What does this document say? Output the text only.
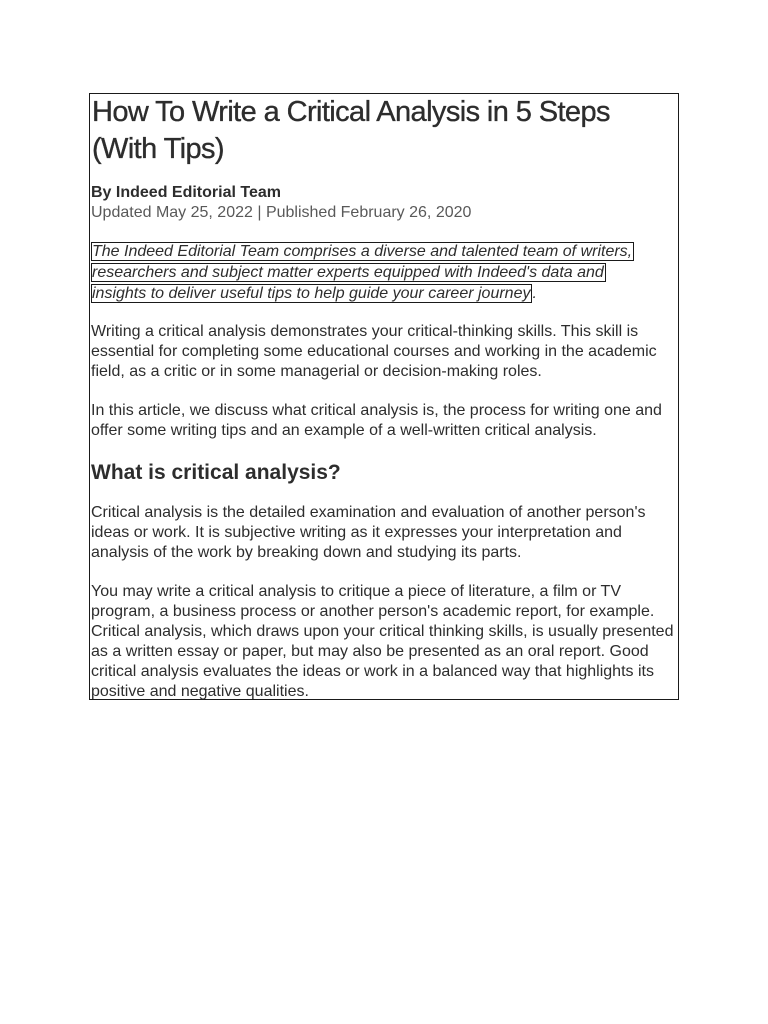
How To Write a Critical Analysis in 5 Steps (With Tips)
By Indeed Editorial Team
Updated May 25, 2022 | Published February 26, 2020
The Indeed Editorial Team comprises a diverse and talented team of writers,
researchers and subject matter experts equipped with Indeed's data and
insights to deliver useful tips to help guide your career journey .

Writing a critical analysis demonstrates your critical-thinking skills. This skill is essential for completing some educational courses and working in the academic field, as a critic or in some managerial or decision-making roles.

In this article, we discuss what critical analysis is, the process for writing one and offer some writing tips and an example of a well-written critical analysis.

What is critical analysis?

Critical analysis is the detailed examination and evaluation of another person's ideas or work. It is subjective writing as it expresses your interpretation and analysis of the work by breaking down and studying its parts.

You may write a critical analysis to critique a piece of literature, a film or TV program, a business process or another person's academic report, for example. Critical analysis, which draws upon your critical thinking skills, is usually presented as a written essay or paper, but may also be presented as an oral report. Good critical analysis evaluates the ideas or work in a balanced way that highlights its positive and negative qualities.
